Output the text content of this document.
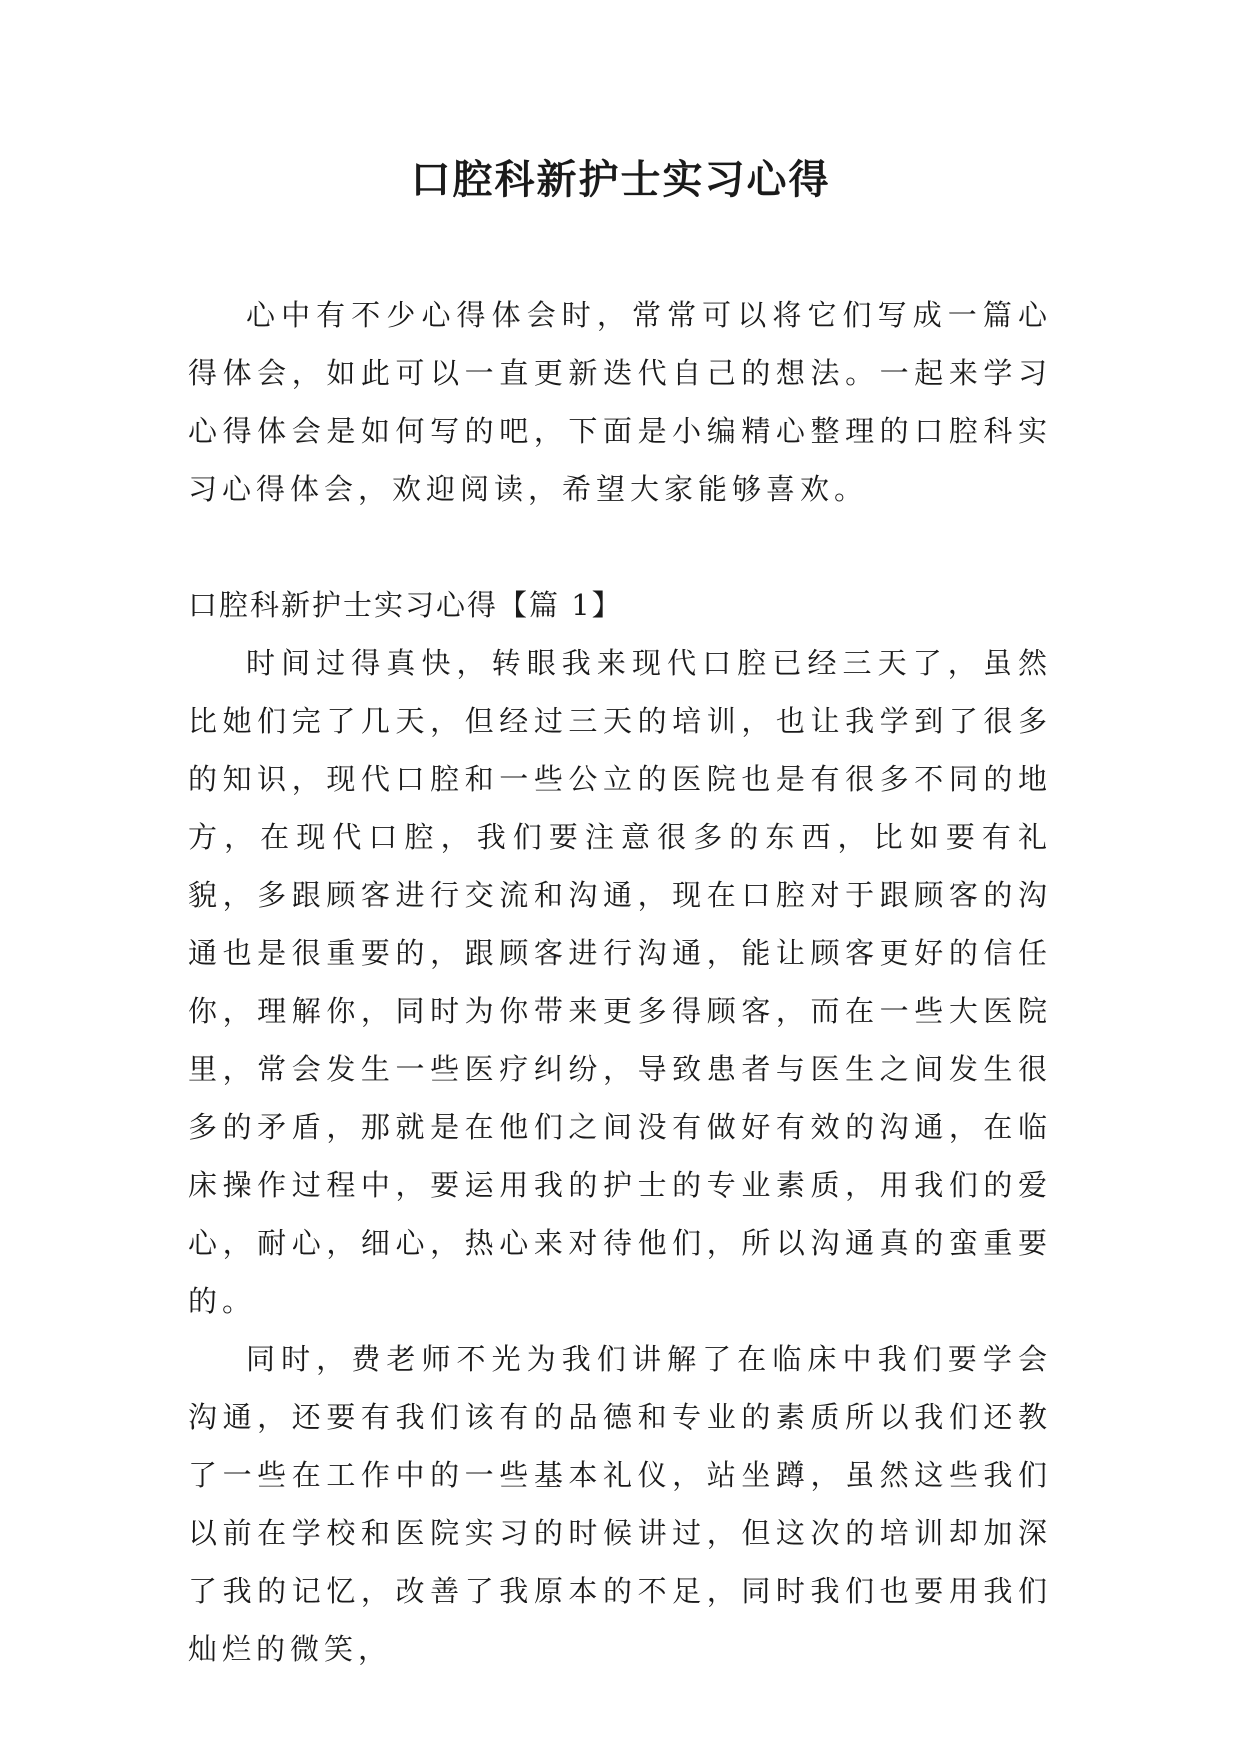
口腔科新护士实习心得

心中有不少心得体会时，常常可以将它们写成一篇心得体会，如此可以一直更新迭代自己的想法。一起来学习心得体会是如何写的吧，下面是小编精心整理的口腔科实习心得体会，欢迎阅读，希望大家能够喜欢。

口腔科新护士实习心得【篇 1】

时间过得真快，转眼我来现代口腔已经三天了，虽然比她们完了几天，但经过三天的培训，也让我学到了很多的知识，现代口腔和一些公立的医院也是有很多不同的地方，在现代口腔，我们要注意很多的东西，比如要有礼貌，多跟顾客进行交流和沟通，现在口腔对于跟顾客的沟通也是很重要的，跟顾客进行沟通，能让顾客更好的信任你，理解你，同时为你带来更多得顾客，而在一些大医院里，常会发生一些医疗纠纷，导致患者与医生之间发生很多的矛盾，那就是在他们之间没有做好有效的沟通，在临床操作过程中，要运用我的护士的专业素质，用我们的爱心，耐心，细心，热心来对待他们，所以沟通真的蛮重要的。

同时，费老师不光为我们讲解了在临床中我们要学会沟通，还要有我们该有的品德和专业的素质所以我们还教了一些在工作中的一些基本礼仪，站坐蹲，虽然这些我们以前在学校和医院实习的时候讲过，但这次的培训却加深了我的记忆，改善了我原本的不足，同时我们也要用我们灿烂的微笑，
